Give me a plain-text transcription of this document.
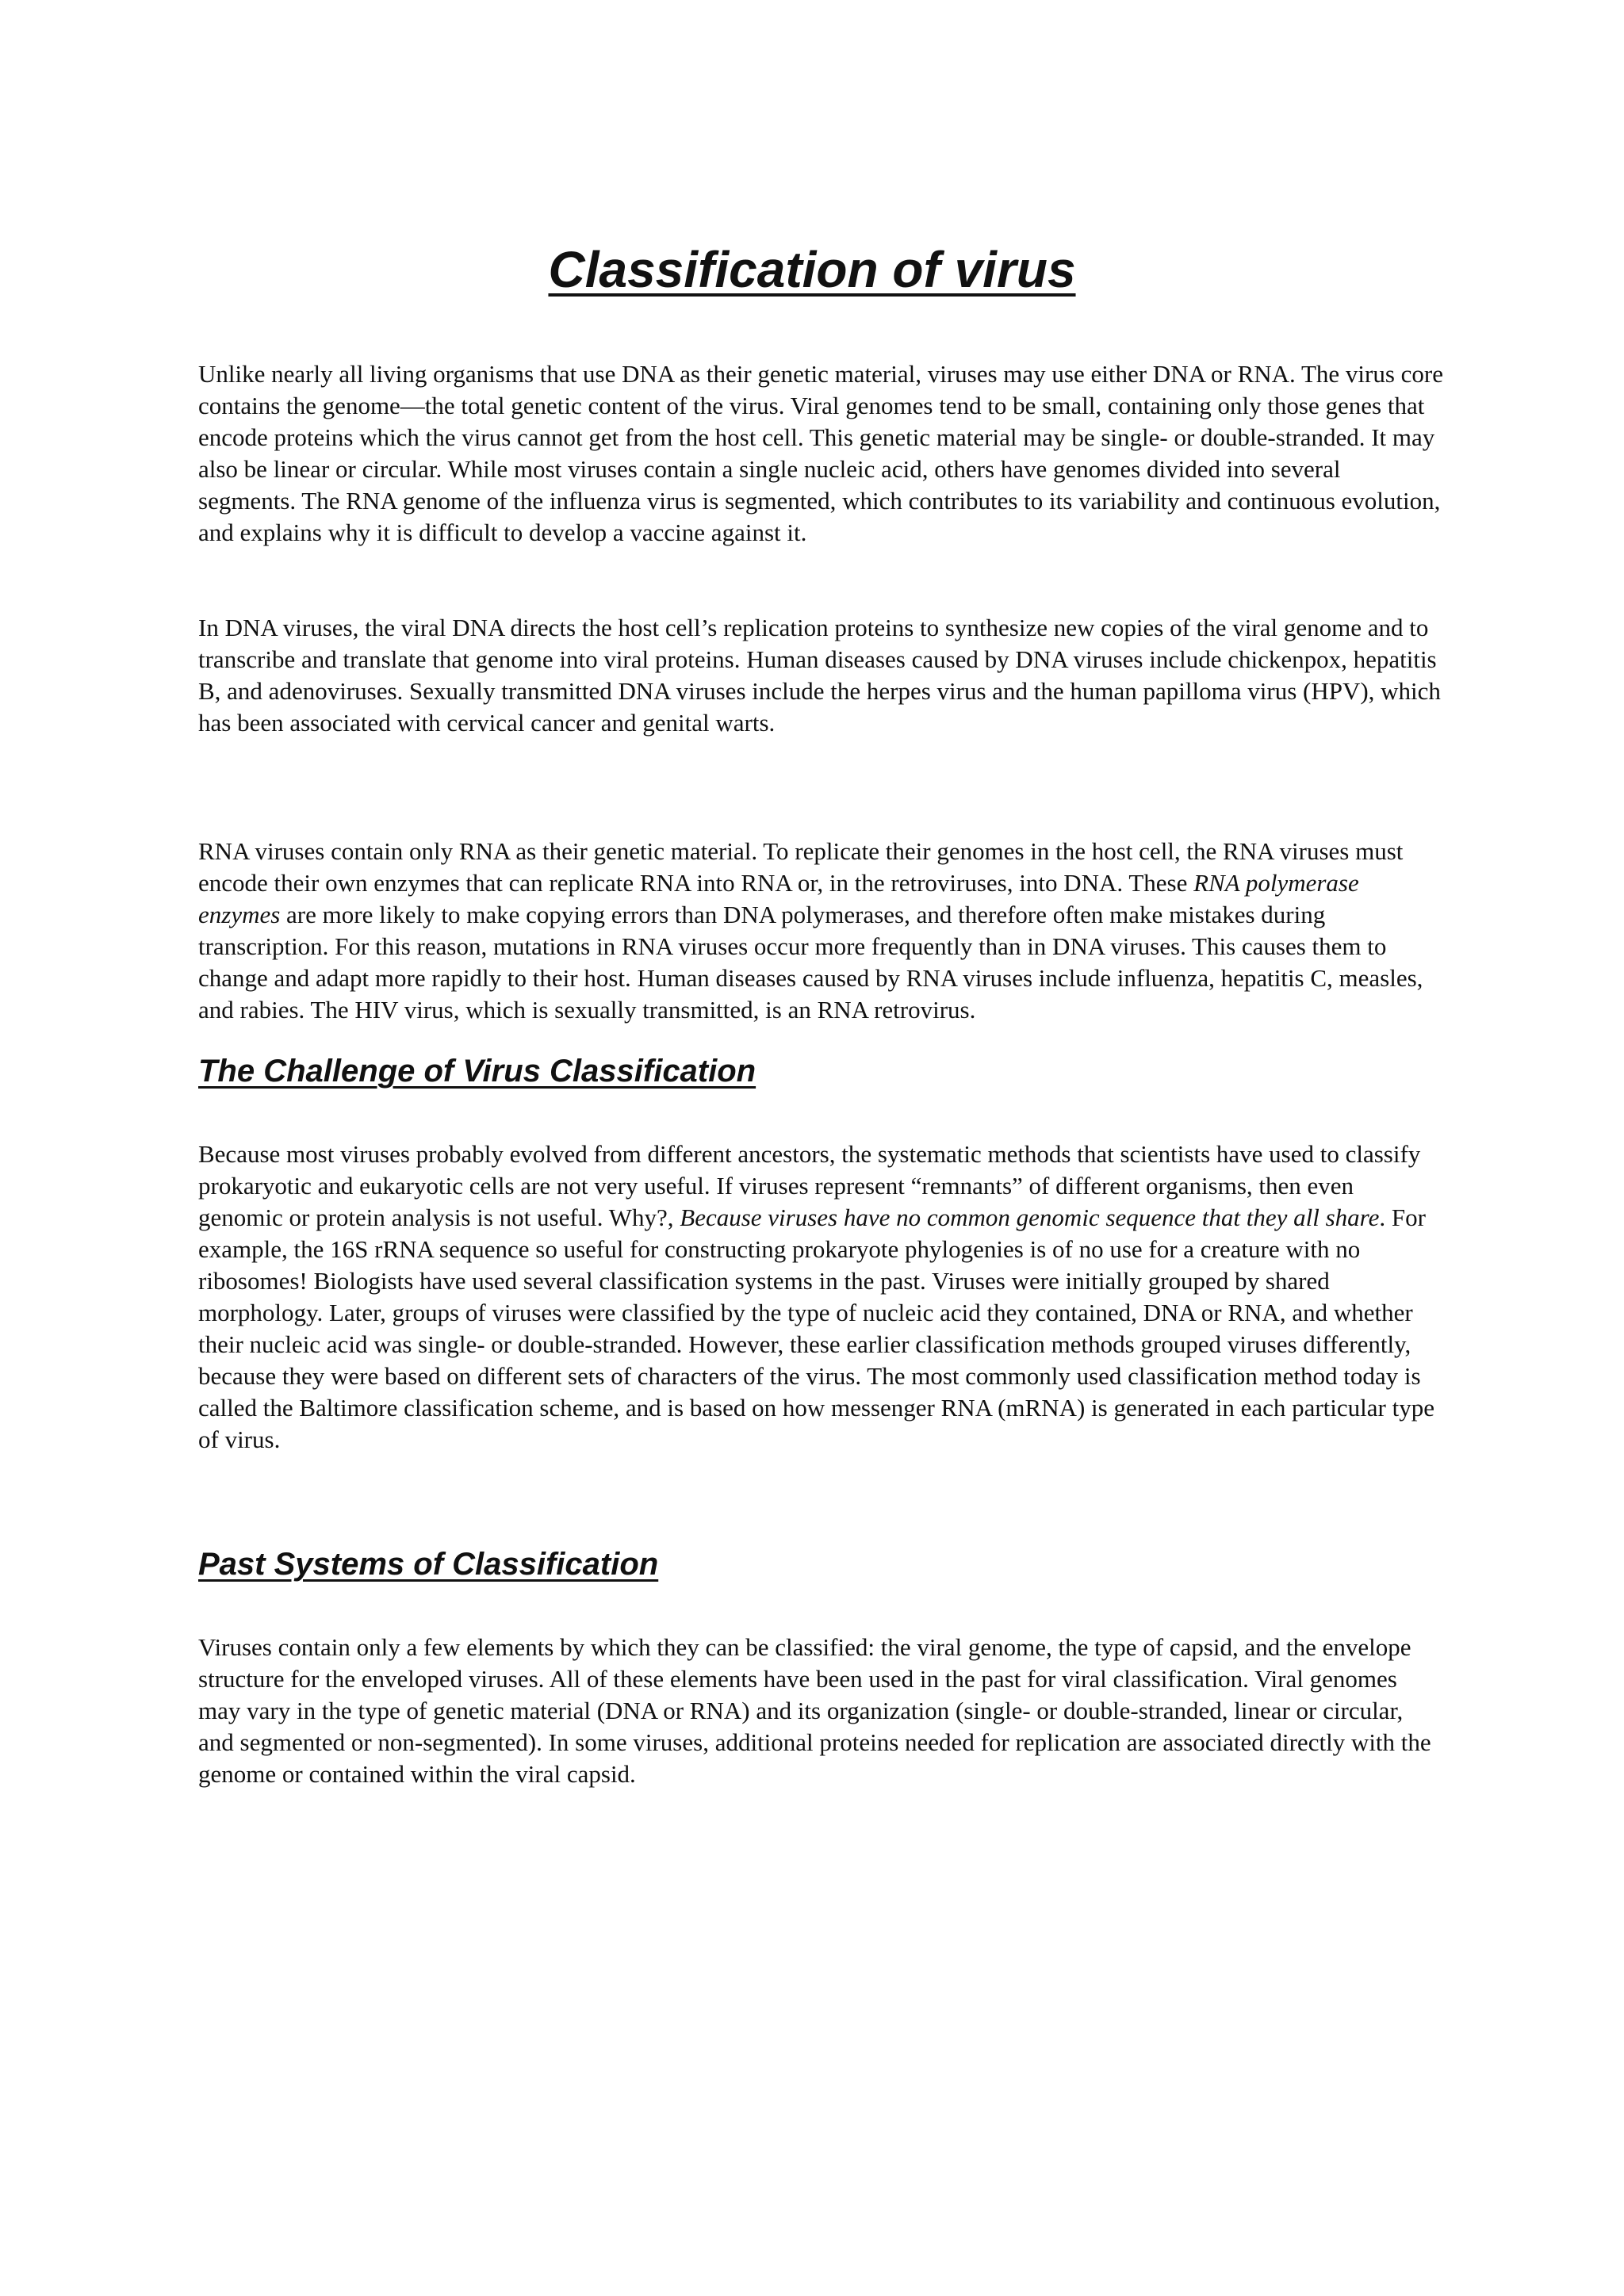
Classification of virus

Unlike nearly all living organisms that use DNA as their genetic material, viruses may use either DNA or RNA. The virus core contains the genome—the total genetic content of the virus. Viral genomes tend to be small, containing only those genes that encode proteins which the virus cannot get from the host cell. This genetic material may be single- or double-stranded. It may also be linear or circular. While most viruses contain a single nucleic acid, others have genomes divided into several segments. The RNA genome of the influenza virus is segmented, which contributes to its variability and continuous evolution, and explains why it is difficult to develop a vaccine against it.

In DNA viruses, the viral DNA directs the host cell’s replication proteins to synthesize new copies of the viral genome and to transcribe and translate that genome into viral proteins. Human diseases caused by DNA viruses include chickenpox, hepatitis B, and adenoviruses. Sexually transmitted DNA viruses include the herpes virus and the human papilloma virus (HPV), which has been associated with cervical cancer and genital warts.

RNA viruses contain only RNA as their genetic material. To replicate their genomes in the host cell, the RNA viruses must encode their own enzymes that can replicate RNA into RNA or, in the retroviruses, into DNA. These RNA polymerase enzymes are more likely to make copying errors than DNA polymerases, and therefore often make mistakes during transcription. For this reason, mutations in RNA viruses occur more frequently than in DNA viruses. This causes them to change and adapt more rapidly to their host. Human diseases caused by RNA viruses include influenza, hepatitis C, measles, and rabies. The HIV virus, which is sexually transmitted, is an RNA retrovirus.

The Challenge of Virus Classification

Because most viruses probably evolved from different ancestors, the systematic methods that scientists have used to classify prokaryotic and eukaryotic cells are not very useful. If viruses represent “remnants” of different organisms, then even genomic or protein analysis is not useful. Why?, Because viruses have no common genomic sequence that they all share. For example, the 16S rRNA sequence so useful for constructing prokaryote phylogenies is of no use for a creature with no ribosomes! Biologists have used several classification systems in the past. Viruses were initially grouped by shared morphology. Later, groups of viruses were classified by the type of nucleic acid they contained, DNA or RNA, and whether their nucleic acid was single- or double-stranded. However, these earlier classification methods grouped viruses differently, because they were based on different sets of characters of the virus. The most commonly used classification method today is called the Baltimore classification scheme, and is based on how messenger RNA (mRNA) is generated in each particular type of virus.

Past Systems of Classification

Viruses contain only a few elements by which they can be classified: the viral genome, the type of capsid, and the envelope structure for the enveloped viruses. All of these elements have been used in the past for viral classification. Viral genomes may vary in the type of genetic material (DNA or RNA) and its organization (single- or double-stranded, linear or circular, and segmented or non-segmented). In some viruses, additional proteins needed for replication are associated directly with the genome or contained within the viral capsid.
